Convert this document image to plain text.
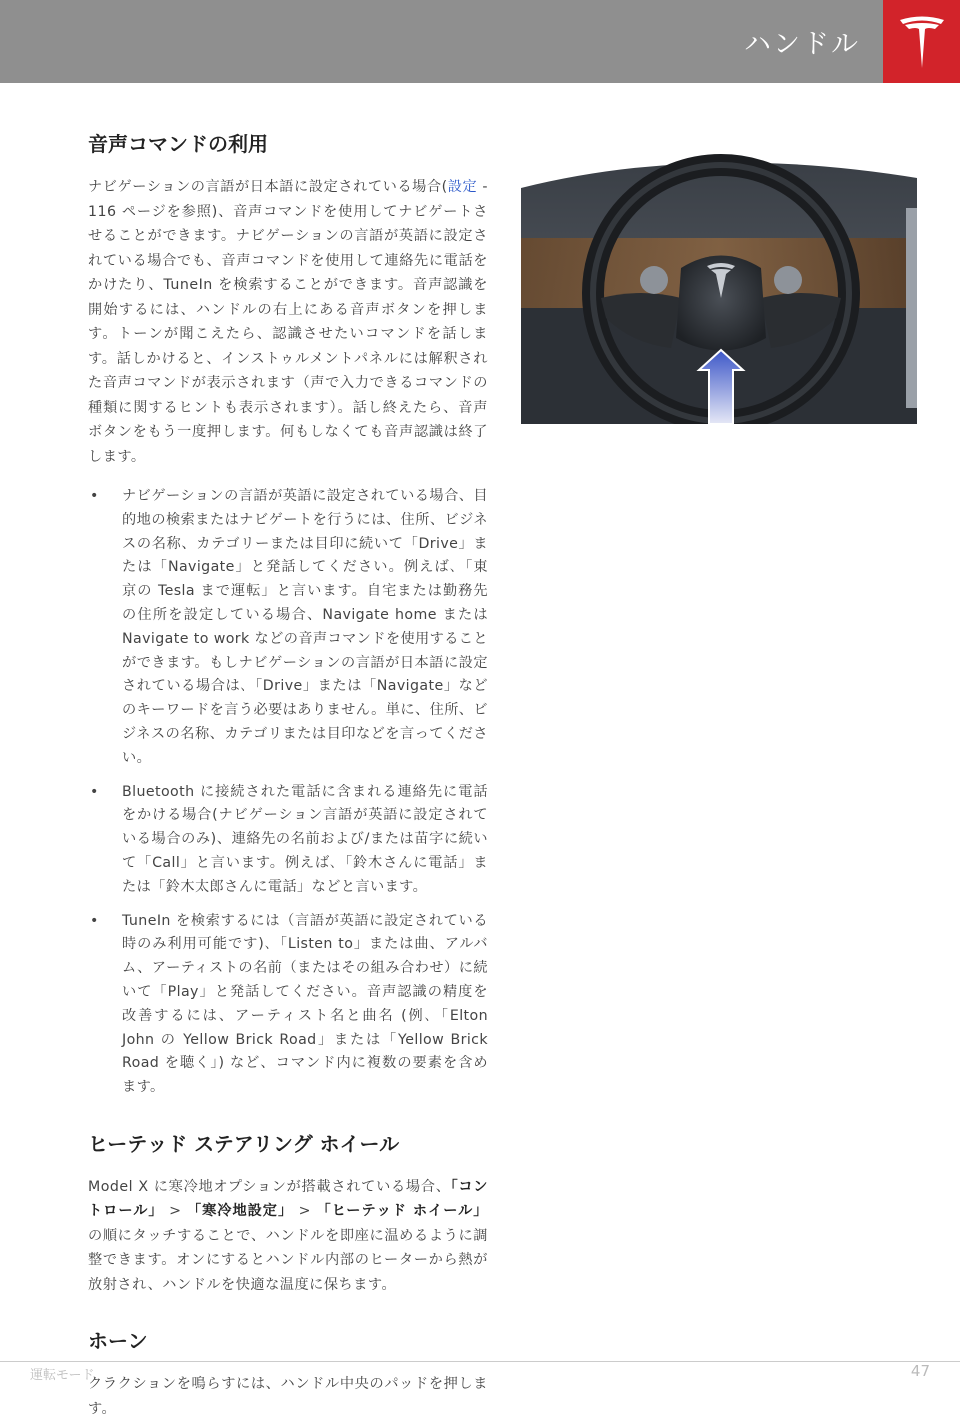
ハンドル
音声コマンドの利用

ナビゲーションの言語が日本語に設定されている場合(設定 - 116 ページを参照)、音声コマンドを使用してナビゲートさせることができます。ナビゲーションの言語が英語に設定されている場合でも、音声コマンドを使用して連絡先に電話をかけたり、TuneIn を検索することができます。音声認識を開始するには、ハンドルの右上にある音声ボタンを押します。トーンが聞こえたら、認識させたいコマンドを話します。話しかけると、インストゥルメントパネルには解釈された音声コマンドが表示されます（声で入力できるコマンドの種類に関するヒントも表示されます）。話し終えたら、音声ボタンをもう一度押します。何もしなくても音声認識は終了します。

• ナビゲーションの言語が英語に設定されている場合、目的地の検索またはナビゲートを行うには、住所、ビジネスの名称、カテゴリーまたは目印に続いて「Drive」または「Navigate」と発話してください。例えば､「東京の Tesla まで運転」と言います。自宅または勤務先の住所を設定している場合、Navigate home または Navigate to work などの音声コマンドを使用することができます。もしナビゲーションの言語が日本語に設定されている場合は､「Drive」または「Navigate」などのキーワードを言う必要はありません。単に、住所、ビジネスの名称、カテゴリまたは目印などを言ってください。
• Bluetooth に接続された電話に含まれる連絡先に電話をかける場合(ナビゲーション言語が英語に設定されている場合のみ)、連絡先の名前および/または苗字に続いて「Call」と言います。例えば､「鈴木さんに電話」または「鈴木太郎さんに電話」などと言います。
• TuneIn を検索するには（言語が英語に設定されている時のみ利用可能です)､「Listen to」または曲、アルバム、アーティストの名前（またはその組み合わせ）に続いて「Play」と発話してください。音声認識の精度を改善するには、アーティスト名と曲名 (例､「Elton John の Yellow Brick Road」または「Yellow Brick Road を聴く」) など、コマンド内に複数の要素を含めます。
ヒーテッド ステアリング ホイール

Model X に寒冷地オプションが搭載されている場合、「コントロール」 > 「寒冷地設定」 > 「ヒーテッド ホイール」の順にタッチすることで、ハンドルを即座に温めるように調整できます。オンにするとハンドル内部のヒーターから熱が放射され、ハンドルを快適な温度に保ちます。

ホーン

クラクションを鳴らすには、ハンドル中央のパッドを押します。

運転モード	47
